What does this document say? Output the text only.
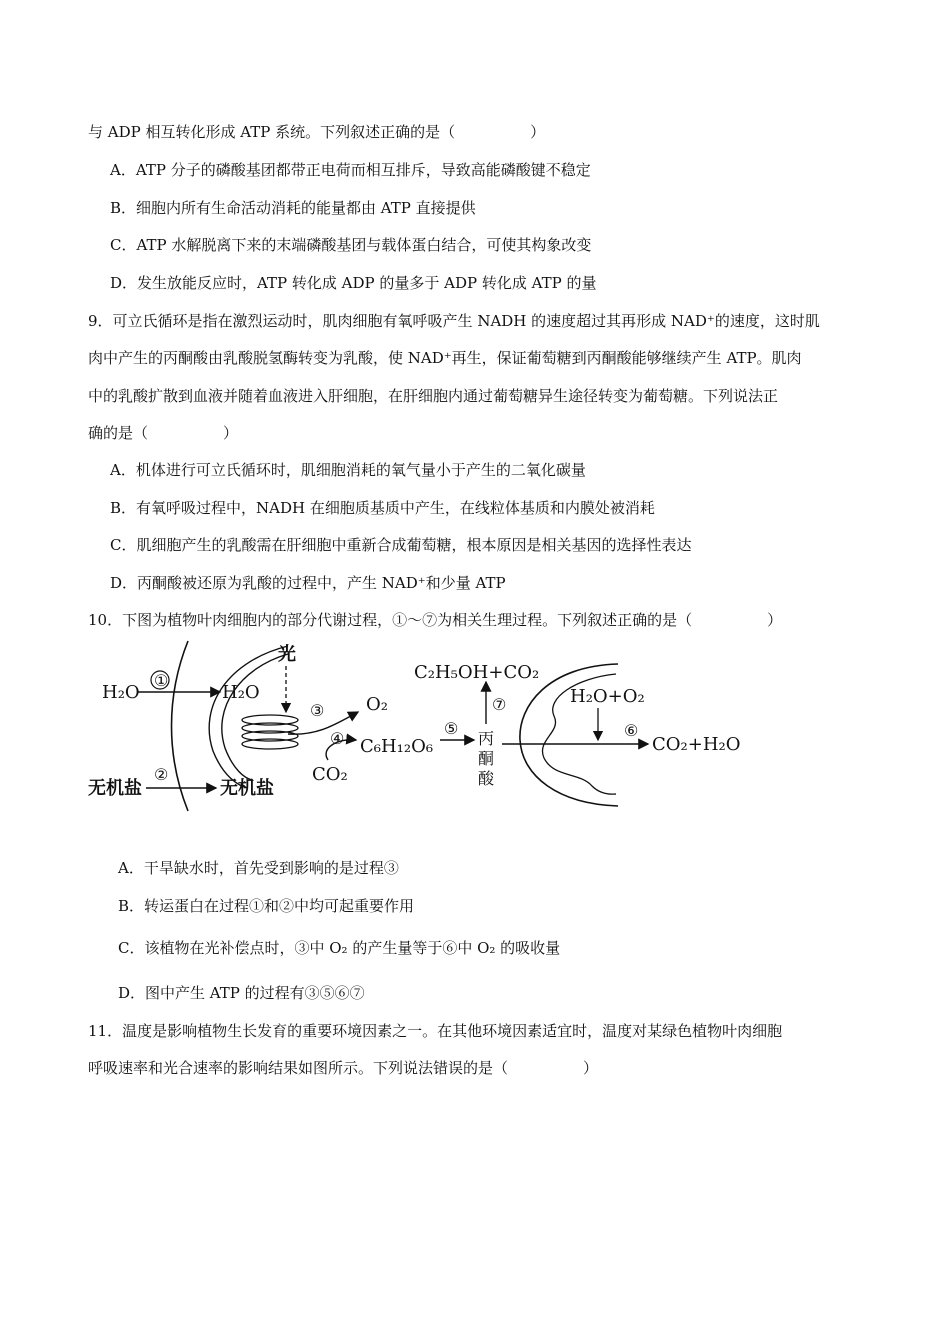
与 ADP 相互转化形成 ATP 系统。下列叙述正确的是（　　　　　）
A．ATP 分子的磷酸基团都带正电荷而相互排斥，导致高能磷酸键不稳定
B．细胞内所有生命活动消耗的能量都由 ATP 直接提供
C．ATP 水解脱离下来的末端磷酸基团与载体蛋白结合，可使其构象改变
D．发生放能反应时，ATP 转化成 ADP 的量多于 ADP 转化成 ATP 的量
9．可立氏循环是指在激烈运动时，肌肉细胞有氧呼吸产生 NADH 的速度超过其再形成 NAD⁺的速度，这时肌
肉中产生的丙酮酸由乳酸脱氢酶转变为乳酸，使 NAD⁺再生，保证葡萄糖到丙酮酸能够继续产生 ATP。肌肉
中的乳酸扩散到血液并随着血液进入肝细胞，在肝细胞内通过葡萄糖异生途径转变为葡萄糖。下列说法正
确的是（　　　　　）
A．机体进行可立氏循环时，肌细胞消耗的氧气量小于产生的二氧化碳量
B．有氧呼吸过程中，NADH 在细胞质基质中产生，在线粒体基质和内膜处被消耗
C．肌细胞产生的乳酸需在肝细胞中重新合成葡萄糖，根本原因是相关基因的选择性表达
D．丙酮酸被还原为乳酸的过程中，产生 NAD⁺和少量 ATP
10．下图为植物叶肉细胞内的部分代谢过程，①～⑦为相关生理过程。下列叙述正确的是（　　　　　）
光
H₂O
①
H₂O
③ O₂
④
CO₂
C₆H₁₂O₆
⑤
丙
酮
酸
⑦
C₂H₅OH+CO₂
H₂O+O₂
⑥
CO₂+H₂O
无机盐
②
无机盐
A．干旱缺水时，首先受到影响的是过程③
B．转运蛋白在过程①和②中均可起重要作用
C．该植物在光补偿点时，③中 O₂ 的产生量等于⑥中 O₂ 的吸收量
D．图中产生 ATP 的过程有③⑤⑥⑦
11．温度是影响植物生长发育的重要环境因素之一。在其他环境因素适宜时，温度对某绿色植物叶肉细胞
呼吸速率和光合速率的影响结果如图所示。下列说法错误的是（　　　　　）
